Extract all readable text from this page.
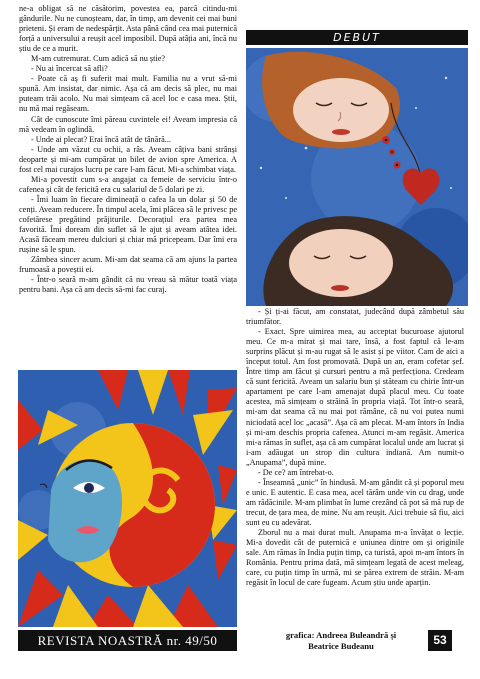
ne-a obligat să ne căsătorim, povestea ea, parcă citindu-mi gândurile. Nu ne cunoșteam, dar, în timp, am devenit cei mai buni prieteni. Și eram de nedespărțit. Asta până când cea mai puternică forță a universului a reușit acel imposibil. După atâția ani, încă nu știu de ce a murit.

M-am cutremurat. Cum adică să nu știe?

- Nu ai încercat să afli?

- Poate că aș fi suferit mai mult. Familia nu a vrut să-mi spună. Am insistat, dar nimic. Așa că am decis să plec, nu mai puteam trăi acolo. Nu mai simțeam că acel loc e casa mea. Știi, nu mă mai regăseam.

Cât de cunoscute îmi păreau cuvintele ei! Aveam impresia că mă vedeam în oglindă.

- Unde ai plecat? Erai încă atât de tânără...

- Unde am văzut cu ochii, a râs. Aveam câțiva bani strânși deoparte și mi-am cumpărat un bilet de avion spre America. A fost cel mai curajos lucru pe care l-am făcut. Mi-a schimbat viața.

Mi-a povestit cum s-a angajat ca femeie de serviciu într-o cafenea și cât de fericită era cu salariul de 5 dolari pe zi.

- Îmi luam în fiecare dimineață o cafea la un dolar și 50 de cenți. Aveam reducere. În timpul acela, îmi plăcea să le privesc pe cofetărese pregătind prăjiturile. Decorațiul era partea mea favorită. Îmi doream din suflet să le ajut și aveam atâtea idei. Acasă făceam mereu dulciuri și chiar mă pricepeam. Dar îmi era rușine să le spun.

Zâmbea sincer acum. Mi-am dat seama că am ajuns la partea frumoasă a poveștii ei.

- Într-o seară m-am gândit că nu vreau să mătur toată viața pentru bani. Așa că am decis să-mi fac curaj.

DEBUT

- Și ți-ai făcut, am constatat, judecând după zâmbetul său triumfător.

- Exact. Spre uimirea mea, au acceptat bucuroase ajutorul meu. Ce m-a mirat și mai tare, însă, a fost faptul că le-am surprins plăcut și m-au rugat să le asist și pe viitor. Cam de aici a început totul. Am fost promovată. După un an, eram cofetar șef. Între timp am făcut și cursuri pentru a mă perfecționa. Credeam că sunt fericită. Aveam un salariu bun și stăteam cu chirie într-un apartament pe care l-am amenajat după placul meu. Cu toate acestea, mă simțeam o străină în propria viață. Tot într-o seară, mi-am dat seama că nu mai pot rămâne, că nu voi putea numi niciodată acel loc „acasă”. Așa că am plecat. M-am întors în India și mi-am deschis propria cafenea. Atunci m-am regăsit. America mi-a rămas în suflet, așa că am cumpărat localul unde am lucrat și i-am adăugat un strop din cultura indiană. Am numit-o „Anupama”, după mine.

- De ce? am întrebat-o.

- Înseamnă „unic” în hindusă. M-am gândit că și poporul meu e unic. E autentic. E casa mea, acel tărâm unde vin cu drag, unde am rădăcinile. M-am plimbat în lume crezând că pot să mă rup de trecut, de țara mea, de mine. Nu am reușit. Aici trebuie să fiu, aici sunt eu cu adevărat.

Zborul nu a mai durat mult. Anupama m-a învățat o lecție. Mi-a dovedit cât de puternică e uniunea dintre om și originile sale. Am rămas în India puțin timp, ca turistă, apoi m-am întors în România. Pentru prima dată, mă simțeam legată de acest meleag, care, cu puțin timp în urmă, mi se părea extrem de străin. M-am regăsit în locul de care fugeam. Acum știu unde aparțin.

REVISTA NOASTRĂ nr. 49/50	grafica: Andreea Buleandră și
Beatrice Budeanu	53
